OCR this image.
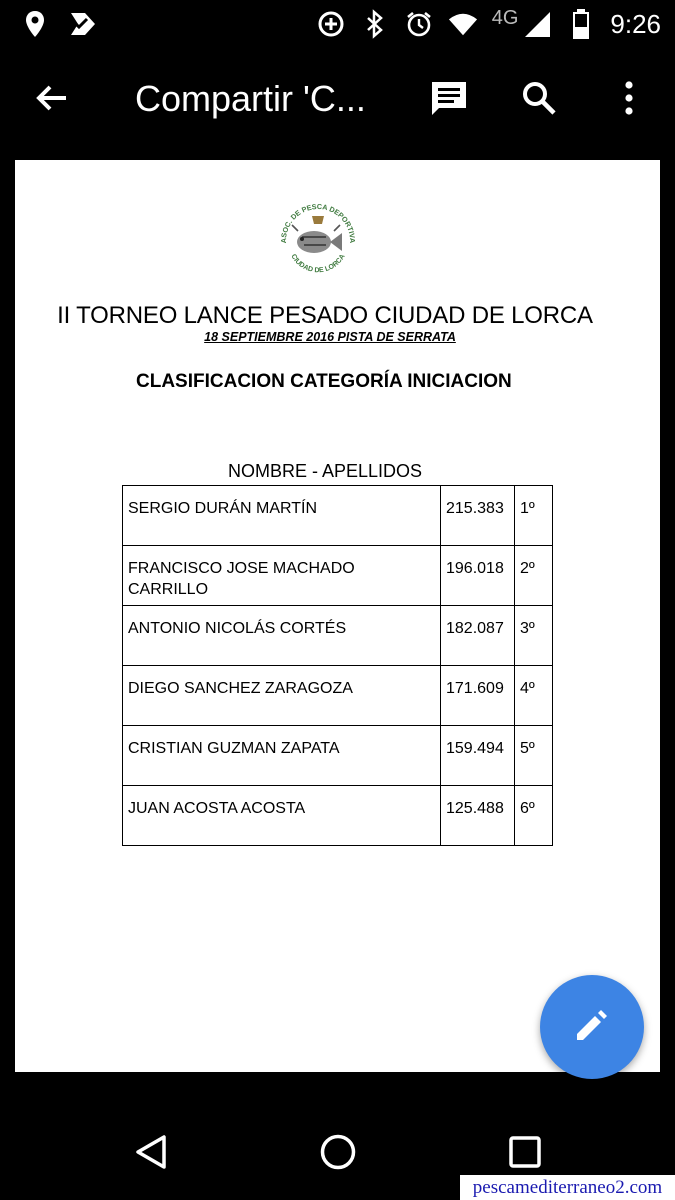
4G	9:26
Compartir 'C...
ASOC. DE PESCA DEPORTIVA
CIUDAD DE LORCA
II TORNEO LANCE PESADO CIUDAD DE LORCA
18 SEPTIEMBRE 2016 PISTA DE SERRATA
CLASIFICACION CATEGORÍA INICIACION
NOMBRE - APELLIDOS
SERGIO DURÁN MARTÍN	215.383	1º
FRANCISCO JOSE MACHADO CARRILLO	196.018	2º
ANTONIO NICOLÁS CORTÉS	182.087	3º
DIEGO SANCHEZ ZARAGOZA	171.609	4º
CRISTIAN GUZMAN ZAPATA	159.494	5º
JUAN ACOSTA ACOSTA	125.488	6º
pescamediterraneo2.com
